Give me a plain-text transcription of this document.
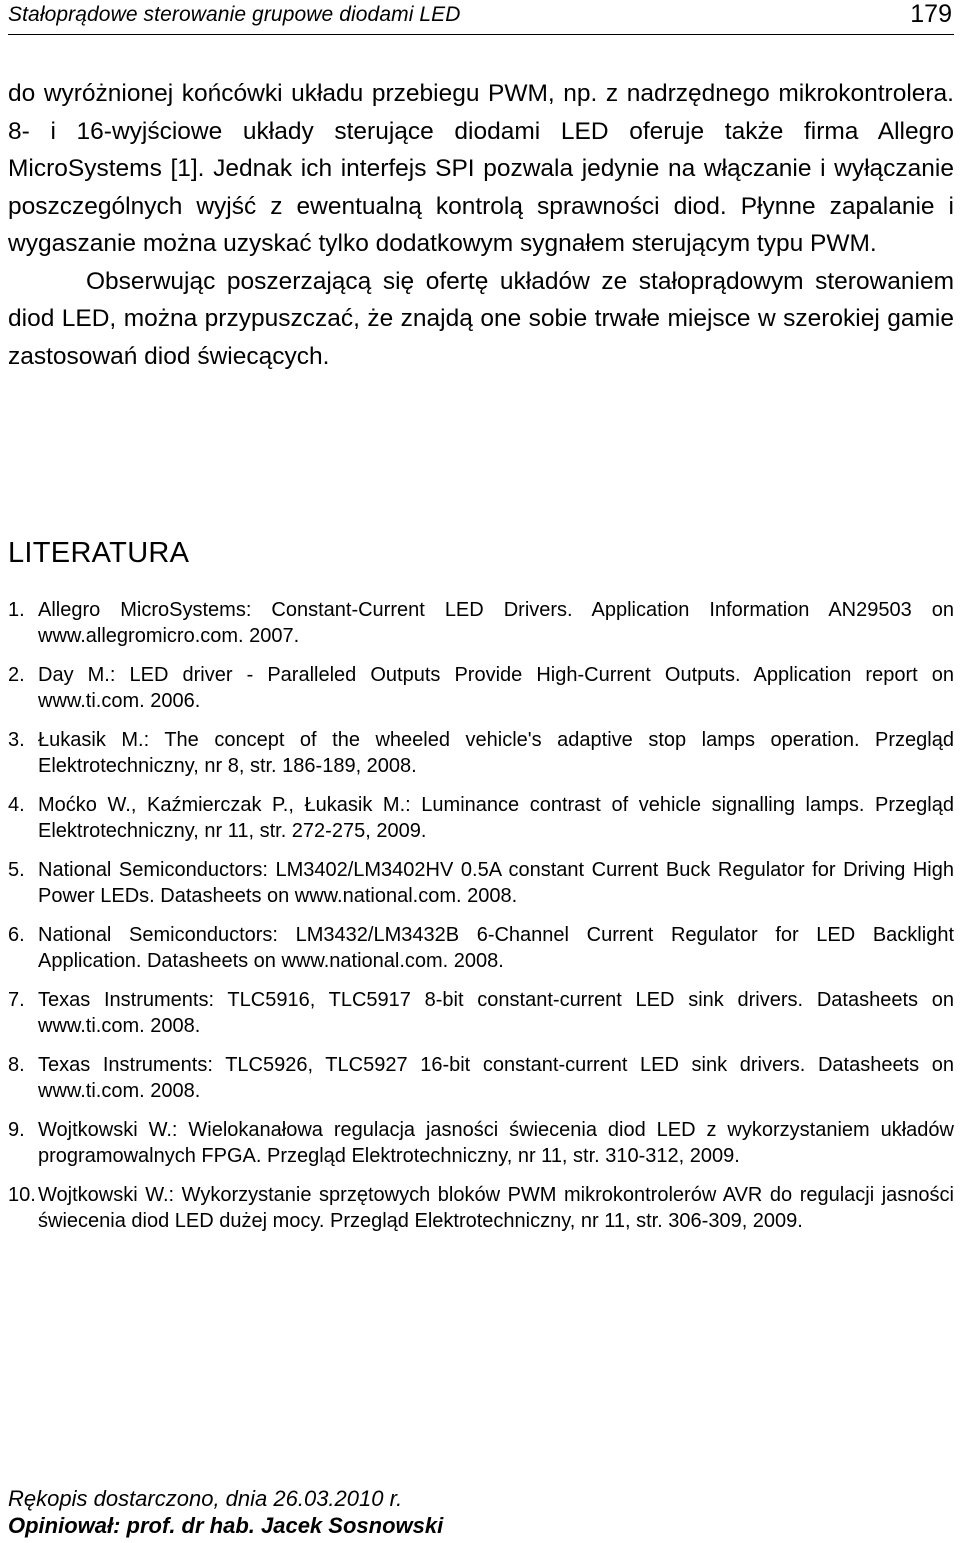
Stałoprądowe sterowanie grupowe diodami LED	179

do wyróżnionej końcówki układu przebiegu PWM, np. z nadrzędnego mikrokontrolera. 8- i 16-wyjściowe układy sterujące diodami LED oferuje także firma Allegro MicroSystems [1]. Jednak ich interfejs SPI pozwala jedynie na włączanie i wyłączanie poszczególnych wyjść z ewentualną kontrolą sprawności diod. Płynne zapalanie i wygaszanie można uzyskać tylko dodatkowym sygnałem sterującym typu PWM.

Obserwując poszerzającą się ofertę układów ze stałoprądowym sterowaniem diod LED, można przypuszczać, że znajdą one sobie trwałe miejsce w szerokiej gamie zastosowań diod świecących.

LITERATURA
1. Allegro MicroSystems: Constant-Current LED Drivers. Application Information AN29503 on www.allegromicro.com. 2007.
2. Day M.: LED driver - Paralleled Outputs Provide High-Current Outputs. Application report on www.ti.com. 2006.
3. Łukasik M.: The concept of the wheeled vehicle's adaptive stop lamps operation. Przegląd Elektrotechniczny, nr 8, str. 186-189, 2008.
4. Moćko W., Kaźmierczak P., Łukasik M.: Luminance contrast of vehicle signalling lamps. Przegląd Elektrotechniczny, nr 11, str. 272-275, 2009.
5. National Semiconductors: LM3402/LM3402HV 0.5A constant Current Buck Regulator for Driving High Power LEDs. Datasheets on www.national.com. 2008.
6. National Semiconductors: LM3432/LM3432B 6-Channel Current Regulator for LED Backlight Application. Datasheets on www.national.com. 2008.
7. Texas Instruments: TLC5916, TLC5917 8-bit constant-current LED sink drivers. Datasheets on www.ti.com. 2008.
8. Texas Instruments: TLC5926, TLC5927 16-bit constant-current LED sink drivers. Datasheets on www.ti.com. 2008.
9. Wojtkowski W.: Wielokanałowa regulacja jasności świecenia diod LED z wykorzystaniem układów programowalnych FPGA. Przegląd Elektrotechniczny, nr 11, str. 310-312, 2009.
10. Wojtkowski W.: Wykorzystanie sprzętowych bloków PWM mikrokontrolerów AVR do regulacji jasności świecenia diod LED dużej mocy. Przegląd Elektrotechniczny, nr 11, str. 306-309, 2009.
Rękopis dostarczono, dnia 26.03.2010 r.
Opiniował: prof. dr hab. Jacek Sosnowski
